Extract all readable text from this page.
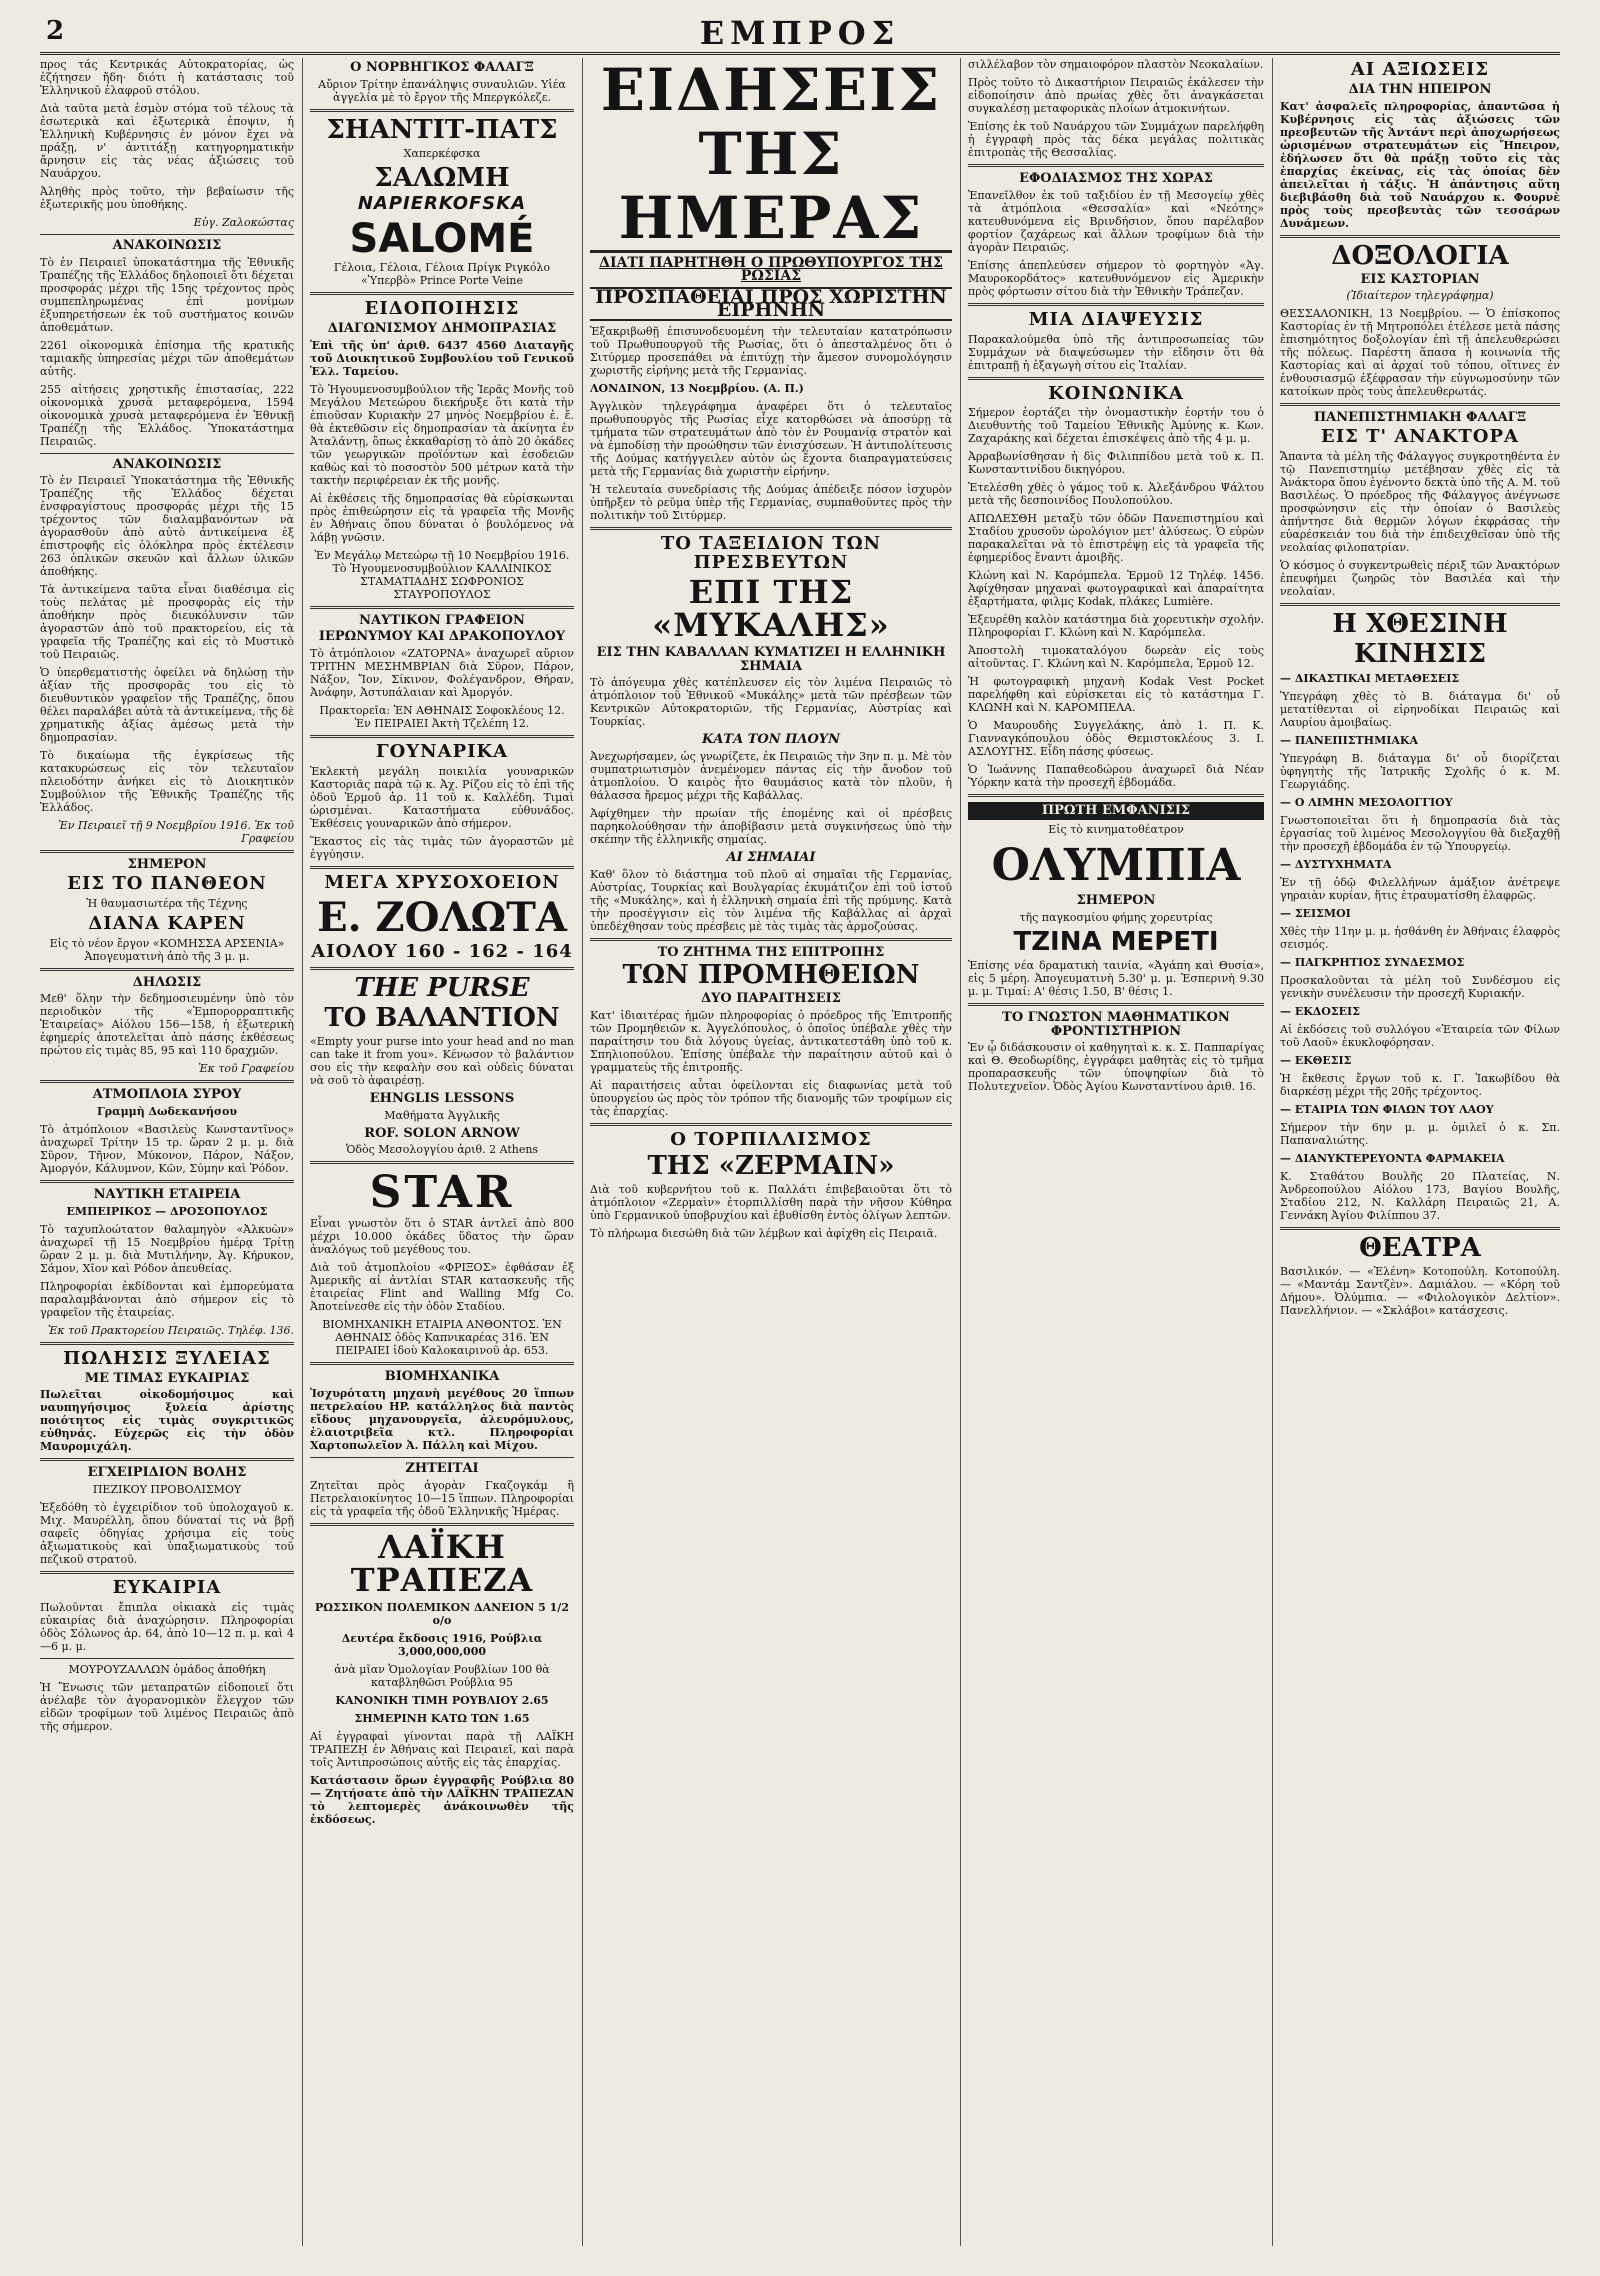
2	ΕΜΠΡΟΣ

προς τάς Κεντρικάς Αὐτοκρατορίας, ὡς ἐζήτησεν ἤδη· διότι ἡ κατάστασις τοῦ Ἑλληνικοῦ ἐλαφροῦ στόλου.

Διὰ ταῦτα μετὰ ἐσμὸν στόμα τοῦ τέλους τὰ ἐσωτερικὰ καὶ ἐξωτερικὰ ἐποψιν, ἡ Ἑλληνικὴ Κυβέρνησις ἐν μόνον ἔχει νὰ πράξῃ, ν' ἀντιτάξῃ κατηγορηματικὴν ἄρνησιν εἰς τὰς νέας ἀξιώσεις τοῦ Ναυάρχου.

Ἀληθὴς πρὸς τοῦτο, τὴν βεβαίωσιν τῆς ἐξωτερικῆς μου ὑποθήκης.

Εὐγ. Ζαλοκώστας

ΑΝΑΚΟΙΝΩΣΙΣ

Τὸ ἐν Πειραιεῖ ὑποκατάστημα τῆς Ἐθνικῆς Τραπέζης τῆς Ἑλλάδος δηλοποιεῖ ὅτι δέχεται προσφοράς μέχρι τῆς 15ης τρέχοντος πρὸς συμπεπληρωμένας ἐπὶ μονίμων ἐξυπηρετήσεων ἐκ τοῦ συστήματος κοινῶν ἀποθεμάτων.

2261 οἰκονομικὰ ἐπίσημα τῆς κρατικῆς ταμιακῆς ὑπηρεσίας μέχρι τῶν ἀποθεμάτων αὐτῆς.

255 αἰτήσεις χρηστικῆς ἐπιστασίας, 222 οἰκονομικὰ χρυσὰ μεταφερόμενα, 1594 οἰκονομικὰ χρυσὰ μεταφερόμενα ἐν Ἐθνικῇ Τραπέζῃ τῆς Ἑλλάδος. Ὑποκατάστημα Πειραιῶς.

ΑΝΑΚΟΙΝΩΣΙΣ

Τὸ ἐν Πειραιεῖ Ὑποκατάστημα τῆς Ἐθνικῆς Τραπέζης τῆς Ἑλλάδος δέχεται ἐνσφραγίστους προσφοράς μέχρι τῆς 15 τρέχοντος τῶν διαλαμβανόντων νὰ ἀγορασθοῦν ἀπὸ αὐτὸ ἀντικείμενα ἐξ ἐπιστροφῆς εἰς ὁλόκληρα πρὸς ἐκτέλεσιν 263 ὁπλικῶν σκευῶν καὶ ἄλλων ὑλικῶν ἀποθήκης.

Τὰ ἀντικείμενα ταῦτα εἶναι διαθέσιμα εἰς τοὺς πελάτας μὲ προσφορὰς εἰς τὴν ἀποθήκην πρὸς διευκόλυνσιν τῶν ἀγοραστῶν ἀπὸ τοῦ πρακτορείου, εἰς τὰ γραφεῖα τῆς Τραπέζης καὶ εἰς τὸ Μυστικὸ τοῦ Πειραιῶς.

Ὁ ὑπερθεματιστὴς ὀφείλει νὰ δηλώσῃ τὴν ἀξίαν τῆς προσφορᾶς του εἰς τὸ διευθυντικὸν γραφεῖον τῆς Τραπέζης, ὅπου θέλει παραλάβει αὐτὰ τὰ ἀντικείμενα, τῆς δὲ χρηματικῆς ἀξίας ἀμέσως μετὰ τὴν δημοπρασίαν.

Τὸ δικαίωμα τῆς ἐγκρίσεως τῆς κατακυρώσεως εἰς τὸν τελευταῖον πλειοδότην ἀνήκει εἰς τὸ Διοικητικὸν Συμβούλιον τῆς Ἐθνικῆς Τραπέζης τῆς Ἑλλάδος.

Ἐν Πειραιεῖ τῇ 9 Νοεμβρίου 1916. Ἐκ τοῦ Γραφείου

ΣΗΜΕΡΟΝ
ΕΙΣ ΤΟ ΠΑΝΘΕΟΝ

Ἡ θαυμασιωτέρα τῆς Τέχνης

ΔΙΑΝΑ ΚΑΡΕΝ

Εἰς τὸ νέον ἔργον «ΚΟΜΗΣΣΑ ΑΡΣΕΝΙΑ» Ἀπογευματινὴ ἀπὸ τῆς 3 μ. μ.

ΔΗΛΩΣΙΣ

Μεθ' ὅλην τὴν δεδημοσιευμένην ὑπὸ τὸν περιοδικὸν τῆς «Ἐμπορορραπτικῆς Ἑταιρείας» Αἰόλου 156—158, ἡ ἐξωτερικὴ ἐφημερίς ἀποτελεῖται ἀπὸ πάσης ἐκθέσεως πρώτου εἰς τιμὰς 85, 95 καὶ 110 δραχμῶν.

Ἐκ τοῦ Γραφείου

ΑΤΜΟΠΛΟΙΑ ΣΥΡΟΥ

Γραμμὴ Δωδεκανήσου

Τὸ ἀτμόπλοιον «Βασιλεὺς Κωνσταντῖνος» ἀναχωρεῖ Τρίτην 15 τρ. ὥραν 2 μ. μ. διὰ Σῦρον, Τῆνον, Μύκονον, Πάρον, Νάξον, Ἀμοργόν, Κάλυμνον, Κῶν, Σύμην καὶ Ῥόδον.

ΝΑΥΤΙΚΗ ΕΤΑΙΡΕΙΑ

ΕΜΠΕΙΡΙΚΟΣ — ΔΡΟΣΟΠΟΥΛΟΣ

Τὸ ταχυπλοώτατον θαλαμηγὸν «Ἀλκυὼν» ἀναχωρεῖ τῇ 15 Νοεμβρίου ἡμέρᾳ Τρίτῃ ὥραν 2 μ. μ. διὰ Μυτιλήνην, Ἀγ. Κήρυκον, Σάμον, Χῖον καὶ Ρόδον ἀπευθείας.

Πληροφορίαι ἐκδίδονται καὶ ἐμπορεύματα παραλαμβάνονται ἀπὸ σήμερον εἰς τὸ γραφεῖον τῆς ἑταιρείας.

Ἐκ τοῦ Πρακτορείου Πειραιῶς. Τηλέφ. 136.

ΠΩΛΗΣΙΣ ΞΥΛΕΙΑΣ
ΜΕ ΤΙΜΑΣ ΕΥΚΑΙΡΙΑΣ

Πωλεῖται οἰκοδομήσιμος καὶ ναυπηγήσιμος ξυλεία ἀρίστης ποιότητος εἰς τιμὰς συγκριτικῶς εὐθηνάς. Εὐχερῶς εἰς τὴν ὁδὸν Μαυρομιχάλη.

ΕΓΧΕΙΡΙΔΙΟΝ ΒΟΛΗΣ

ΠΕΖΙΚΟΥ ΠΡΟΒΟΛΙΣΜΟΥ

Ἐξεδόθη τὸ ἐγχειρίδιον τοῦ ὑπολοχαγοῦ κ. Μιχ. Μαυρέλλη, ὅπου δύναταί τις νὰ βρῇ σαφεῖς ὁδηγίας χρήσιμα εἰς τοὺς ἀξιωματικοὺς καὶ ὑπαξιωματικοὺς τοῦ πεζικοῦ στρατοῦ.

ΕΥΚΑΙΡΙΑ

Πωλοῦνται ἔπιπλα οἰκιακὰ εἰς τιμὰς εὐκαιρίας διὰ ἀναχώρησιν. Πληροφορίαι ὁδὸς Σόλωνος ἀρ. 64, ἀπὸ 10—12 π. μ. καὶ 4—6 μ. μ.

ΜΟΥΡΟΥΖΑΛΛΩΝ ὁμάδος ἀποθήκη

Ἡ Ἕνωσις τῶν μεταπρατῶν εἰδοποιεῖ ὅτι ἀνέλαβε τὸν ἀγορανομικὸν ἔλεγχον τῶν εἰδῶν τροφίμων τοῦ λιμένος Πειραιῶς ἀπὸ τῆς σήμερον.

Ο ΝΟΡΒΗΓΙΚΟΣ ΦΑΛΑΓΞ

Αὔριον Τρίτην ἐπανάληψις συναυλιῶν. Υἱέα ἀγγελία μὲ τὸ ἔργον τῆς Μπεργκόλεζε.

ΣΗΑΝΤΙΤ-ΠΑΤΣ

Χαπερκέφσκα

ΣΑΛΩΜΗ
NAPIERKOFSKA
SALOMÉ

Γέλοια, Γέλοια, Γέλοια Πρίγκ Ριγκόλο «Ὑπερβὸ» Prince Porte Veine

ΕΙΔΟΠΟΙΗΣΙΣ
ΔΙΑΓΩΝΙΣΜΟΥ ΔΗΜΟΠΡΑΣΙΑΣ

Ἐπὶ τῆς ὑπ' ἀριθ. 6437 4560 Διαταγῆς τοῦ Διοικητικοῦ Συμβουλίου τοῦ Γενικοῦ Ἑλλ. Ταμείου.

Τὸ Ἡγουμενοσυμβούλιον τῆς Ἱερᾶς Μονῆς τοῦ Μεγάλου Μετεώρου διεκήρυξε ὅτι κατὰ τὴν ἐπιοῦσαν Κυριακὴν 27 μηνὸς Νοεμβρίου ἐ. ἔ. θὰ ἐκτεθῶσιν εἰς δημοπρασίαν τὰ ἀκίνητα ἐν Ἀταλάντῃ, ὅπως ἐκκαθαρίσῃ τὸ ἀπὸ 20 ὀκάδες τῶν γεωργικῶν προϊόντων καὶ ἐσοδειῶν καθὼς καὶ τὸ ποσοστὸν 500 μέτρων κατὰ τὴν τακτὴν περιφέρειαν ἐκ τῆς μονῆς.

Αἱ ἐκθέσεις τῆς δημοπρασίας θὰ εὑρίσκωνται πρὸς ἐπιθεώρησιν εἰς τὰ γραφεῖα τῆς Μονῆς ἐν Ἀθήναις ὅπου δύναται ὁ βουλόμενος νὰ λάβῃ γνῶσιν.

Ἐν Μεγάλῳ Μετεώρῳ τῇ 10 Νοεμβρίου 1916. Τὸ Ἡγουμενοσυμβούλιον ΚΑΛΛΙΝΙΚΟΣ ΣΤΑΜΑΤΙΑΔΗΣ ΣΩΦΡΟΝΙΟΣ ΣΤΑΥΡΟΠΟΥΛΟΣ

ΝΑΥΤΙΚΟΝ ΓΡΑΦΕΙΟΝ
ΙΕΡΩΝΥΜΟΥ ΚΑΙ ΔΡΑΚΟΠΟΥΛΟΥ

Τὸ ἀτμόπλοιον «ΖΑΤΟΡΝΑ» ἀναχωρεῖ αὔριον ΤΡΙΤΗΝ ΜΕΣΗΜΒΡΙΑΝ διὰ Σῦρον, Πάρον, Νάξον, Ἴον, Σίκινον, Φολέγανδρον, Θήραν, Ἀνάφην, Ἀστυπάλαιαν καὶ Ἀμοργόν.

Πρακτορεῖα: ἘΝ ΑΘΗΝΑΙΣ Σοφοκλέους 12. Ἐν ΠΕΙΡΑΙΕΙ Ἀκτὴ Τζελέπη 12.

ΓΟΥΝΑΡΙΚΑ

Ἐκλεκτὴ μεγάλη ποικιλία γουναρικῶν Καστοριᾶς παρὰ τῷ κ. Ἀχ. Ρίζου εἰς τὸ ἐπὶ τῆς ὁδοῦ Ἑρμοῦ ἀρ. 11 τοῦ κ. Καλλέδη. Τιμαὶ ὡρισμέναι. Καταστήματα εὐθυνάδος. Ἐκθέσεις γουναρικῶν ἀπὸ σήμερον.

Ἕκαστος εἰς τὰς τιμὰς τῶν ἀγοραστῶν μὲ ἐγγύησιν.

ΜΕΓΑ ΧΡΥΣΟΧΟΕΙΟΝ
Ε. ΖΟΛΩΤΑ
ΑΙΟΛΟΥ 160 - 162 - 164
THE PURSE
ΤΟ ΒΑΛΑΝΤΙΟΝ

«Empty your purse into your head and no man can take it from you». Κένωσον τὸ βαλάντιον σου εἰς τὴν κεφαλὴν σου καὶ οὐδεὶς δύναται νὰ σοῦ τὸ ἀφαιρέσῃ.

EHNGLIS LESSONS

Μαθήματα Ἀγγλικῆς

ROF. SOLON ARNOW

Ὁδὸς Μεσολογγίου ἀριθ. 2 Athens

STAR

Εἶναι γνωστὸν ὅτι ὁ STAR ἀντλεῖ ἀπὸ 800 μέχρι 10.000 ὀκάδες ὕδατος τὴν ὥραν ἀναλόγως τοῦ μεγέθους του.

Διὰ τοῦ ἀτμοπλοίου «ΦΡΙΞΟΣ» ἐφθάσαν ἐξ Ἀμερικῆς αἱ ἀντλίαι STAR κατασκευῆς τῆς ἐταιρείας Flint and Walling Mfg Co. Ἀποτείνεσθε εἰς τὴν ὁδὸν Σταδίου.

ΒΙΟΜΗΧΑΝΙΚΗ ΕΤΑΙΡΙΑ ΑΝΘΟΝΤΟΣ. ἘΝ ΑΘΗΝΑΙΣ ὁδὸς Καπνικαρέας 316. ἘΝ ΠΕΙΡΑΙΕΙ ἰδοὺ Καλοκαιρινοῦ ἀρ. 653.

ΒΙΟΜΗΧΑΝΙΚΑ

Ἰσχυρότατη μηχανὴ μεγέθους 20 ἵππων πετρελαίου HP. κατάλληλος διὰ παντὸς εἴδους μηχανουργεῖα, ἀλευρόμυλους, ἐλαιοτριβεῖα κτλ. Πληροφορίαι Χαρτοπωλεῖον Ἀ. Πάλλη καὶ Μίχου.

ΖΗΤΕΙΤΑΙ

Ζητεῖται πρὸς ἀγορὰν Γκαζογκάμ ἢ Πετρελαιοκίνητος 10—15 ἵππων. Πληροφορίαι εἰς τὰ γραφεῖα τῆς ὁδοῦ Ἑλληνικῆς Ἡμέρας.

ΛΑΪΚΗ ΤΡΑΠΕΖΑ

ΡΩΣΣΙΚΟΝ ΠΟΛΕΜΙΚΟΝ ΔΑΝΕΙΟΝ 5 1/2 ο/ο

Δευτέρα ἔκδοσις 1916, Ρούβλια 3,000,000,000

ἀνὰ μῖαν Ὁμολογίαν Ρουβλίων 100 θὰ καταβληθῶσι Ρούβλια 95

ΚΑΝΟΝΙΚΗ ΤΙΜΗ ΡΟΥΒΛΙΟΥ 2.65

ΣΗΜΕΡΙΝΗ ΚΑΤΩ ΤΩΝ 1.65

Αἱ ἐγγραφαὶ γίνονται παρὰ τῇ ΛΑΪΚΗ ΤΡΑΠΕΖῌ ἐν Ἀθήναις καὶ Πειραιεῖ, καὶ παρὰ τοῖς Ἀντιπροσώποις αὐτῆς εἰς τὰς ἐπαρχίας.

Κατάστασιν ὅρων ἐγγραφῆς Ρούβλια 80— Ζητήσατε ἀπὸ τὴν ΛΑΪΚΗΝ ΤΡΑΠΕΖΑΝ τὸ λεπτομερὲς ἀνάκοινωθὲν τῆς ἐκδόσεως.

ΕΙΔΗΣΕΙΣ ΤΗΣ ΗΜΕΡΑΣ
ΔΙΑΤΙ ΠΑΡΗΤΗΘΗ Ο ΠΡΩΘΥΠΟΥΡΓΟΣ ΤΗΣ ΡΩΣΙΑΣ
ΠΡΟΣΠΑΘΕΙΑΙ ΠΡΟΣ ΧΩΡΙΣΤΗΝ ΕΙΡΗΝΗΝ

Ἐξακριβωθῇ ἐπισυνοδευομένη τὴν τελευταίαν κατατρόπωσιν τοῦ Πρωθυπουργοῦ τῆς Ρωσίας, ὅτι ὁ ἀπεσταλμένος ὅτι ὁ Σιτύρμερ προσεπάθει νὰ ἐπιτύχῃ τὴν ἄμεσον συνομολόγησιν χωριστῆς εἰρήνης μετὰ τῆς Γερμανίας.

ΛΟΝΔΙΝΟΝ, 13 Νοεμβρίου. (Α. Π.)

Ἀγγλικὸν τηλεγράφημα ἀναφέρει ὅτι ὁ τελευταῖος πρωθυπουργὸς τῆς Ρωσίας εἶχε κατορθώσει νὰ ἀποσύρῃ τὰ τμήματα τῶν στρατευμάτων ἀπὸ τὸν ἐν Ρουμανίᾳ στρατὸν καὶ νὰ ἐμποδίσῃ τὴν προώθησιν τῶν ἐνισχύσεων. Ἡ ἀντιπολίτευσις τῆς Δούμας κατήγγειλεν αὐτὸν ὡς ἔχοντα διαπραγματεύσεις μετὰ τῆς Γερμανίας διὰ χωριστὴν εἰρήνην.

Ἡ τελευταία συνεδρίασις τῆς Δούμας ἀπέδειξε πόσον ἰσχυρὸν ὑπῆρξεν τὸ ρεῦμα ὑπὲρ τῆς Γερμανίας, συμπαθοῦντες πρὸς τὴν πολιτικὴν τοῦ Σιτύρμερ.

ΤΟ ΤΑΞΕΙΔΙΟΝ ΤΩΝ ΠΡΕΣΒΕΥΤΩΝ
ΕΠΙ ΤΗΣ «ΜΥΚΑΛΗΣ»
ΕΙΣ ΤΗΝ ΚΑΒΑΛΛΑΝ ΚΥΜΑΤΙΖΕΙ Η ΕΛΛΗΝΙΚΗ ΣΗΜΑΙΑ

Τὸ ἀπόγευμα χθὲς κατέπλευσεν εἰς τὸν λιμένα Πειραιῶς τὸ ἀτμόπλοιον τοῦ Ἐθνικοῦ «Μυκάλης» μετὰ τῶν πρέσβεων τῶν Κεντρικῶν Αὐτοκρατοριῶν, τῆς Γερμανίας, Αὐστρίας καὶ Τουρκίας.

ΚΑΤΑ ΤΟΝ ΠΛΟΥΝ

Ἀνεχωρήσαμεν, ὡς γνωρίζετε, ἐκ Πειραιῶς τὴν 3ην π. μ. Μὲ τὸν συμπατριωτισμὸν ἀνεμένομεν πάντας εἰς τὴν ἄνοδον τοῦ ἀτμοπλοίου. Ὁ καιρὸς ἦτο θαυμάσιος κατὰ τὸν πλοῦν, ἡ θάλασσα ἤρεμος μέχρι τῆς Καβάλλας.

Ἀφίχθημεν τὴν πρωίαν τῆς ἑπομένης καὶ οἱ πρέσβεις παρηκολούθησαν τὴν ἀποβίβασιν μετὰ συγκινήσεως ὑπὸ τὴν σκέπην τῆς ἑλληνικῆς σημαίας.

ΑΙ ΣΗΜΑΙΑΙ

Καθ' ὅλον τὸ διάστημα τοῦ πλοῦ αἱ σημαῖαι τῆς Γερμανίας, Αὐστρίας, Τουρκίας καὶ Βουλγαρίας ἐκυμάτιζον ἐπὶ τοῦ ἱστοῦ τῆς «Μυκάλης», καὶ ἡ ἑλληνικὴ σημαία ἐπὶ τῆς πρύμνης. Κατὰ τὴν προσέγγισιν εἰς τὸν λιμένα τῆς Καβάλλας αἱ ἀρχαὶ ὑπεδέχθησαν τοὺς πρέσβεις μὲ τὰς τιμὰς τὰς ἁρμοζούσας.

ΤΟ ΖΗΤΗΜΑ ΤΗΣ ΕΠΙΤΡΟΠΗΣ
ΤΩΝ ΠΡΟΜΗΘΕΙΩΝ
ΔΥΟ ΠΑΡΑΙΤΗΣΕΙΣ

Κατ' ἰδιαιτέρας ἡμῶν πληροφορίας ὁ πρόεδρος τῆς Ἐπιτροπῆς τῶν Προμηθειῶν κ. Ἀγγελόπουλος, ὁ ὁποῖος ὑπέβαλε χθὲς τὴν παραίτησιν του διὰ λόγους ὑγείας, ἀντικατεστάθη ὑπὸ τοῦ κ. Σπηλιοπούλου. Ἐπίσης ὑπέβαλε τὴν παραίτησιν αὐτοῦ καὶ ὁ γραμματεὺς τῆς ἐπιτροπῆς.

Αἱ παραιτήσεις αὗται ὀφείλονται εἰς διαφωνίας μετὰ τοῦ ὑπουργείου ὡς πρὸς τὸν τρόπον τῆς διανομῆς τῶν τροφίμων εἰς τὰς ἐπαρχίας.

Ο ΤΟΡΠΙΛΛΙΣΜΟΣ
ΤΗΣ «ΖΕΡΜΑΙΝ»

Διὰ τοῦ κυβερνήτου τοῦ κ. Παλλάτι ἐπιβεβαιοῦται ὅτι τὸ ἀτμόπλοιον «Ζερμαὶν» ἐτορπιλλίσθη παρὰ τὴν νῆσον Κύθηρα ὑπὸ Γερμανικοῦ ὑποβρυχίου καὶ ἐβυθίσθη ἐντὸς ὀλίγων λεπτῶν.

Τὸ πλήρωμα διεσώθη διὰ τῶν λέμβων καὶ ἀφίχθη εἰς Πειραιᾶ.

σιλλέλαβον τὸν σημαιοφόρον πλαστὸν Νεοκαλαίων.

Πρὸς τοῦτο τὸ Δικαστήριον Πειραιῶς ἐκάλεσεν τὴν εἰδοποίησιν ἀπὸ πρωίας χθὲς ὅτι ἀναγκάσεται συγκαλέσῃ μεταφορικὰς πλοίων ἀτμοκινήτων.

Ἐπίσης ἐκ τοῦ Ναυάρχου τῶν Συμμάχων παρελήφθη ἡ ἐγγραφὴ πρὸς τὰς δέκα μεγάλας πολιτικὰς ἐπιτροπὰς τῆς Θεσσαλίας.

ΕΦΟΔΙΑΣΜΟΣ ΤΗΣ ΧΩΡΑΣ

Ἐπανεῖλθον ἐκ τοῦ ταξιδίου ἐν τῇ Μεσογείῳ χθὲς τὰ ἀτμόπλοια «Θεσσαλία» καὶ «Νεότης» κατευθυνόμενα εἰς Βρινδήσιον, ὅπου παρέλαβον φορτίον ζαχάρεως καὶ ἄλλων τροφίμων διὰ τὴν ἀγορὰν Πειραιῶς.

Ἐπίσης ἀπεπλεύσεν σήμερον τὸ φορτηγὸν «Ἀγ. Μαυροκορδάτος» κατευθυνόμενον εἰς Ἀμερικὴν πρὸς φόρτωσιν σίτου διὰ τὴν Ἐθνικὴν Τράπεζαν.

ΜΙΑ ΔΙΑΨΕΥΣΙΣ

Παρακαλούμεθα ὑπὸ τῆς ἀντιπροσωπείας τῶν Συμμάχων νὰ διαψεύσωμεν τὴν εἴδησιν ὅτι θὰ ἐπιτραπῇ ἡ ἐξαγωγὴ σίτου εἰς Ἰταλίαν.

ΚΟΙΝΩΝΙΚΑ

Σήμερον ἑορτάζει τὴν ὀνομαστικὴν ἑορτήν του ὁ Διευθυντὴς τοῦ Ταμείου Ἐθνικῆς Ἀμύνης κ. Κων. Ζαχαράκης καὶ δέχεται ἐπισκέψεις ἀπὸ τῆς 4 μ. μ.

Ἀρραβωνίσθησαν ἡ δὶς Φιλιππίδου μετὰ τοῦ κ. Π. Κωνσταντινίδου δικηγόρου.

Ἐτελέσθη χθὲς ὁ γάμος τοῦ κ. Ἀλεξάνδρου Ψάλτου μετὰ τῆς δεσποινίδος Πουλοπούλου.

ΑΠΩΛΕΣΘΗ μεταξὺ τῶν ὁδῶν Πανεπιστημίου καὶ Σταδίου χρυσοῦν ὡρολόγιον μετ' ἀλύσεως. Ὁ εὑρὼν παρακαλεῖται νὰ τὸ ἐπιστρέψῃ εἰς τὰ γραφεῖα τῆς ἐφημερίδος ἔναντι ἀμοιβῆς.

Κλώνη καὶ Ν. Καρόμπελα. Ἑρμοῦ 12 Τηλέφ. 1456. Ἀφίχθησαν μηχαναὶ φωτογραφικαὶ καὶ ἀπαραίτητα ἐξαρτήματα, φιλμς Kodak, πλάκες Lumière.

Ἐξευρέθη καλὸν κατάστημα διὰ χορευτικὴν σχολήν. Πληροφορίαι Γ. Κλώνη καὶ Ν. Καρόμπελα.

Ἀποστολὴ τιμοκαταλόγου δωρεὰν εἰς τοὺς αἰτοῦντας. Γ. Κλώνη καὶ Ν. Καρόμπελα, Ἑρμοῦ 12.

Ἡ φωτογραφικὴ μηχανὴ Kodak Vest Pocket παρελήφθη καὶ εὑρίσκεται εἰς τὸ κατάστημα Γ. ΚΛΩΝΗ καὶ Ν. ΚΑΡΟΜΠΕΛΑ.

Ὁ Μαυρουδὴς Συγγελάκης, ἀπὸ 1. Π. Κ. Γιανναγκόπουλου ὁδὸς Θεμιστοκλέους 3. Ι. ΑΣΛΟΥΓΗΣ. Εἶδη πάσης φύσεως.

Ὁ Ἰωάννης Παπαθεοδώρου ἀναχωρεῖ διὰ Νέαν Ὑόρκην κατὰ τὴν προσεχῆ ἑβδομάδα.

ΠΡΩΤΗ ΕΜΦΑΝΙΣΙΣ

Εἰς τὸ κινηματοθέατρον

ΟΛΥΜΠΙΑ
ΣΗΜΕΡΟΝ

τῆς παγκοσμίου φήμης χορευτρίας

ΤΖΙΝΑ ΜΕΡΕΤΙ

Ἐπίσης νέα δραματικὴ ταινία, «Ἀγάπη καὶ Θυσία», εἰς 5 μέρη. Ἀπογευματινὴ 5.30' μ. μ. Ἑσπερινὴ 9.30 μ. μ. Τιμαί: Α' θέσις 1.50, Β' θέσις 1.

ΤΟ ΓΝΩΣΤΟΝ ΜΑΘΗΜΑΤΙΚΟΝ ΦΡΟΝΤΙΣΤΗΡΙΟΝ

Ἐν ᾧ διδάσκουσιν οἱ καθηγηταὶ κ. κ. Σ. Παππαρίγας καὶ Θ. Θεοδωρίδης, ἐγγράφει μαθητὰς εἰς τὸ τμῆμα προπαρασκευῆς τῶν ὑποψηφίων διὰ τὸ Πολυτεχνεῖον. Ὁδὸς Ἀγίου Κωνσταντίνου ἀριθ. 16.

ΑΙ ΑΞΙΩΣΕΙΣ
ΔΙΑ ΤΗΝ ΗΠΕΙΡΟΝ

Κατ' ἀσφαλεῖς πληροφορίας, ἀπαντῶσα ἡ Κυβέρνησις εἰς τὰς ἀξιώσεις τῶν πρεσβευτῶν τῆς Ἀντάντ περὶ ἀποχωρήσεως ὡρισμένων στρατευμάτων εἰς Ἤπειρον, ἐδήλωσεν ὅτι θὰ πράξῃ τοῦτο εἰς τὰς ἐπαρχίας ἐκείνας, εἰς τὰς ὁποίας δὲν ἀπειλεῖται ἡ τάξις. Ἡ ἀπάντησις αὕτη διεβιβάσθη διὰ τοῦ Ναυάρχου κ. Φουρνὲ πρὸς τοὺς πρεσβευτὰς τῶν τεσσάρων Δυνάμεων.

ΔΟΞΟΛΟΓΙΑ
ΕΙΣ ΚΑΣΤΟΡΙΑΝ

(Ἰδιαίτερον τηλεγράφημα)

ΘΕΣΣΑΛΟΝΙΚΗ, 13 Νοεμβρίου. — Ὁ ἐπίσκοπος Καστορίας ἐν τῇ Μητροπόλει ἐτέλεσε μετὰ πάσης ἐπισημότητος δοξολογίαν ἐπὶ τῇ ἀπελευθερώσει τῆς πόλεως. Παρέστη ἅπασα ἡ κοινωνία τῆς Καστορίας καὶ αἱ ἀρχαί τοῦ τόπου, οἵτινες ἐν ἐνθουσιασμῷ ἐξέφρασαν τὴν εὐγνωμοσύνην τῶν κατοίκων πρὸς τοὺς ἀπελευθερωτάς.

ΠΑΝΕΠΙΣΤΗΜΙΑΚΗ ΦΑΛΑΓΞ
ΕΙΣ Τ' ΑΝΑΚΤΟΡΑ

Ἄπαντα τὰ μέλη τῆς Φάλαγγος συγκροτηθέντα ἐν τῷ Πανεπιστημίῳ μετέβησαν χθὲς εἰς τὰ Ἀνάκτορα ὅπου ἐγένοντο δεκτὰ ὑπὸ τῆς Α. Μ. τοῦ Βασιλέως. Ὁ πρόεδρος τῆς Φάλαγγος ἀνέγνωσε προσφώνησιν εἰς τὴν ὁποίαν ὁ Βασιλεὺς ἀπήντησε διὰ θερμῶν λόγων ἐκφράσας τὴν εὐαρέσκειάν του διὰ τὴν ἐπιδειχθεῖσαν ὑπὸ τῆς νεολαίας φιλοπατρίαν.

Ὁ κόσμος ὁ συγκεντρωθεὶς πέριξ τῶν Ἀνακτόρων ἐπευφήμει ζωηρῶς τὸν Βασιλέα καὶ τὴν νεολαίαν.

Η ΧΘΕΣΙΝΗ
ΚΙΝΗΣΙΣ

— ΔΙΚΑΣΤΙΚΑΙ ΜΕΤΑΘΕΣΕΙΣ

Ὑπεγράφη χθὲς τὸ Β. διάταγμα δι' οὗ μετατίθενται οἱ εἰρηνοδίκαι Πειραιῶς καὶ Λαυρίου ἀμοιβαίως.

— ΠΑΝΕΠΙΣΤΗΜΙΑΚΑ

Ὑπεγράφη Β. διάταγμα δι' οὗ διορίζεται ὑφηγητὴς τῆς Ἰατρικῆς Σχολῆς ὁ κ. Μ. Γεωργιάδης.

— Ο ΛΙΜΗΝ ΜΕΣΟΛΟΓΓΙΟΥ

Γνωστοποιεῖται ὅτι ἡ δημοπρασία διὰ τὰς ἐργασίας τοῦ λιμένος Μεσολογγίου θὰ διεξαχθῇ τὴν προσεχῆ ἑβδομάδα ἐν τῷ Ὑπουργείῳ.

— ΔΥΣΤΥΧΗΜΑΤΑ

Ἐν τῇ ὁδῷ Φιλελλήνων ἁμάξιον ἀνέτρεψε γηραιὰν κυρίαν, ἥτις ἐτραυματίσθη ἐλαφρῶς.

— ΣΕΙΣΜΟΙ

Χθὲς τὴν 11ην μ. μ. ἠσθάνθη ἐν Ἀθήναις ἐλαφρὸς σεισμός.

— ΠΑΓΚΡΗΤΙΟΣ ΣΥΝΔΕΣΜΟΣ

Προσκαλοῦνται τὰ μέλη τοῦ Συνδέσμου εἰς γενικὴν συνέλευσιν τὴν προσεχῆ Κυριακήν.

— ΕΚΔΟΣΕΙΣ

Αἱ ἐκδόσεις τοῦ συλλόγου «Ἑταιρεία τῶν Φίλων τοῦ Λαοῦ» ἐκυκλοφόρησαν.

— ΕΚΘΕΣΙΣ

Ἡ ἔκθεσις ἔργων τοῦ κ. Γ. Ἰακωβίδου θὰ διαρκέσῃ μέχρι τῆς 20ῆς τρέχοντος.

— ΕΤΑΙΡΙΑ ΤΩΝ ΦΙΛΩΝ ΤΟΥ ΛΑΟΥ

Σήμερον τὴν 6ην μ. μ. ὁμιλεῖ ὁ κ. Σπ. Παπαναλιώτης.

— ΔΙΑΝΥΚΤΕΡΕΥΟΝΤΑ ΦΑΡΜΑΚΕΙΑ

Κ. Σταθάτου Βουλῆς 20 Πλατείας, Ν. Ἀνδρεοπούλου Αἰόλου 173, Βαγίου Βουλῆς, Σταδίου 212, Ν. Καλλάρη Πειραιῶς 21, Α. Γεννάκη Ἀγίου Φιλίππου 37.

ΘΕΑΤΡΑ

Βασιλικόν. — «Ἑλένη» Κοτοπούλη. Κοτοπούλη. — «Μαντάμ Σαντζὲν». Δαμιάλου. — «Κόρη τοῦ Δήμου». Ὀλύμπια. — «Φιλολογικὸν Δελτίον». Πανελλήνιον. — «Σκλάβοι» κατάσχεσις.
